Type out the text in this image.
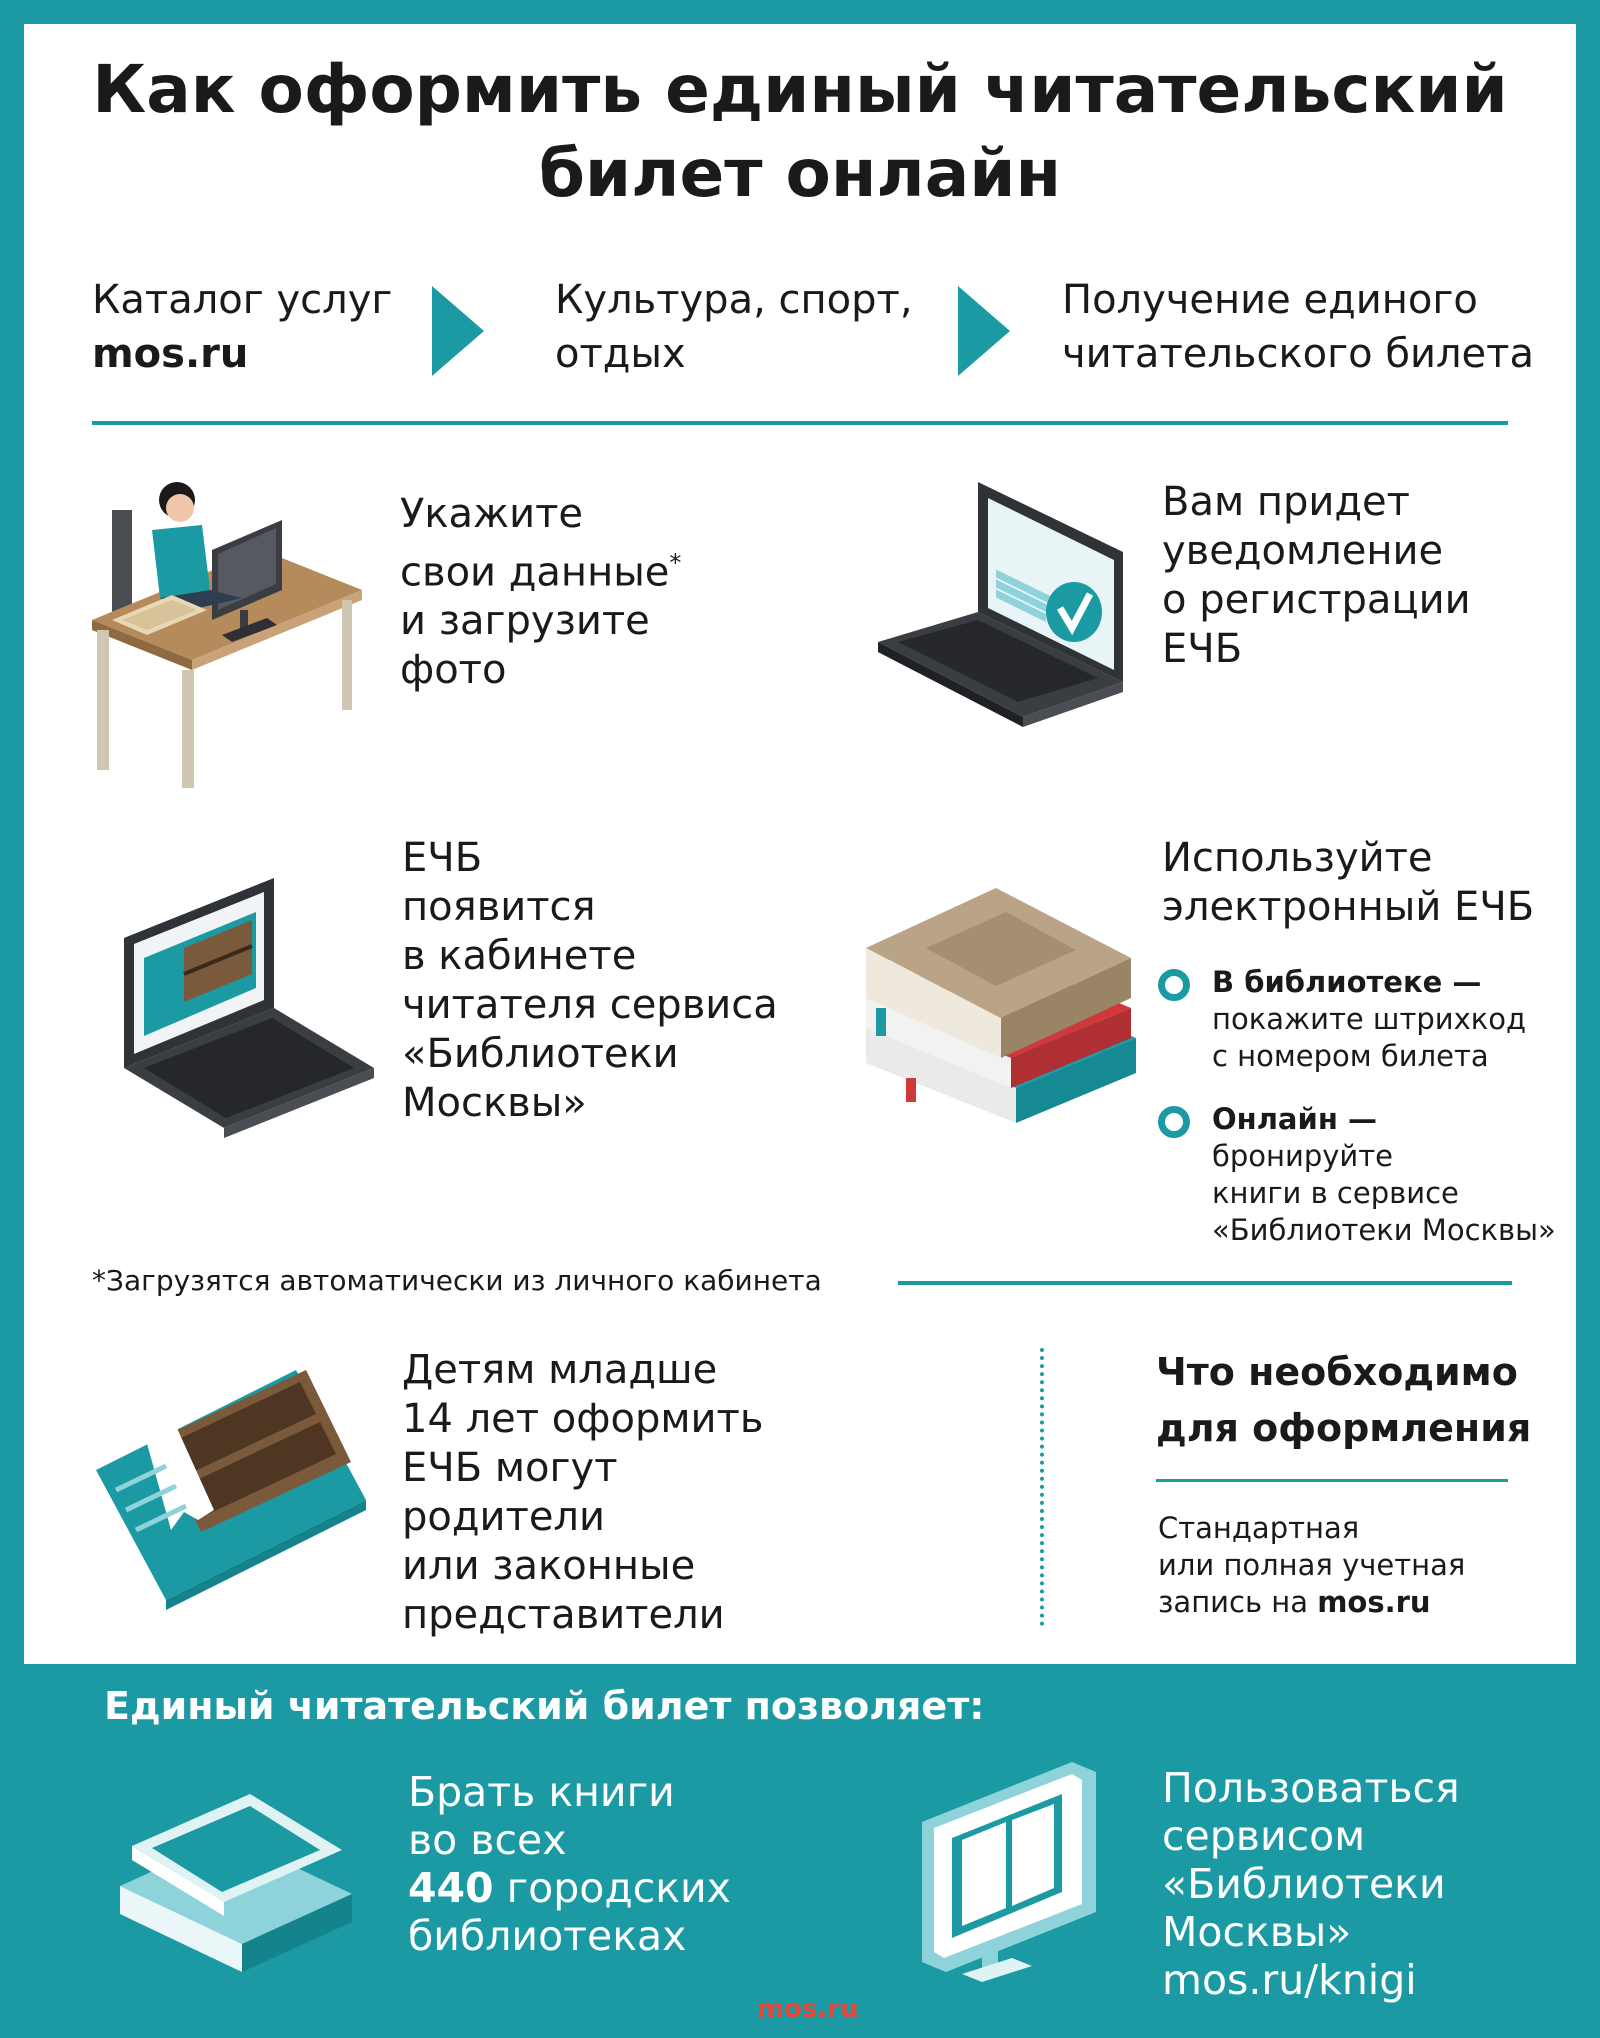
Как оформить единый читательский
билет онлайн
Каталог услуг
mos.ru
Культура, спорт,
отдых
Получение единого
читательского билета
Укажите
свои данные*
и загрузите
фото
Вам придет
уведомление
о регистрации
ЕЧБ
ЕЧБ
появится
в кабинете
читателя сервиса
«Библиотеки
Москвы»
Используйте
электронный ЕЧБ
В библиотеке —
покажите штрихкод
с номером билета
Онлайн —
бронируйте
книги в сервисе
«Библиотеки Москвы»
*Загрузятся автоматически из личного кабинета
Детям младше
14 лет оформить
ЕЧБ могут
родители
или законные
представители
Что необходимо
для оформления
Стандартная
или полная учетная
запись на mos.ru
Единый читательский билет позволяет:
Брать книги
во всех
440 городских
библиотеках
Пользоваться
сервисом
«Библиотеки
Москвы»
mos.ru/knigi
mos.ru
